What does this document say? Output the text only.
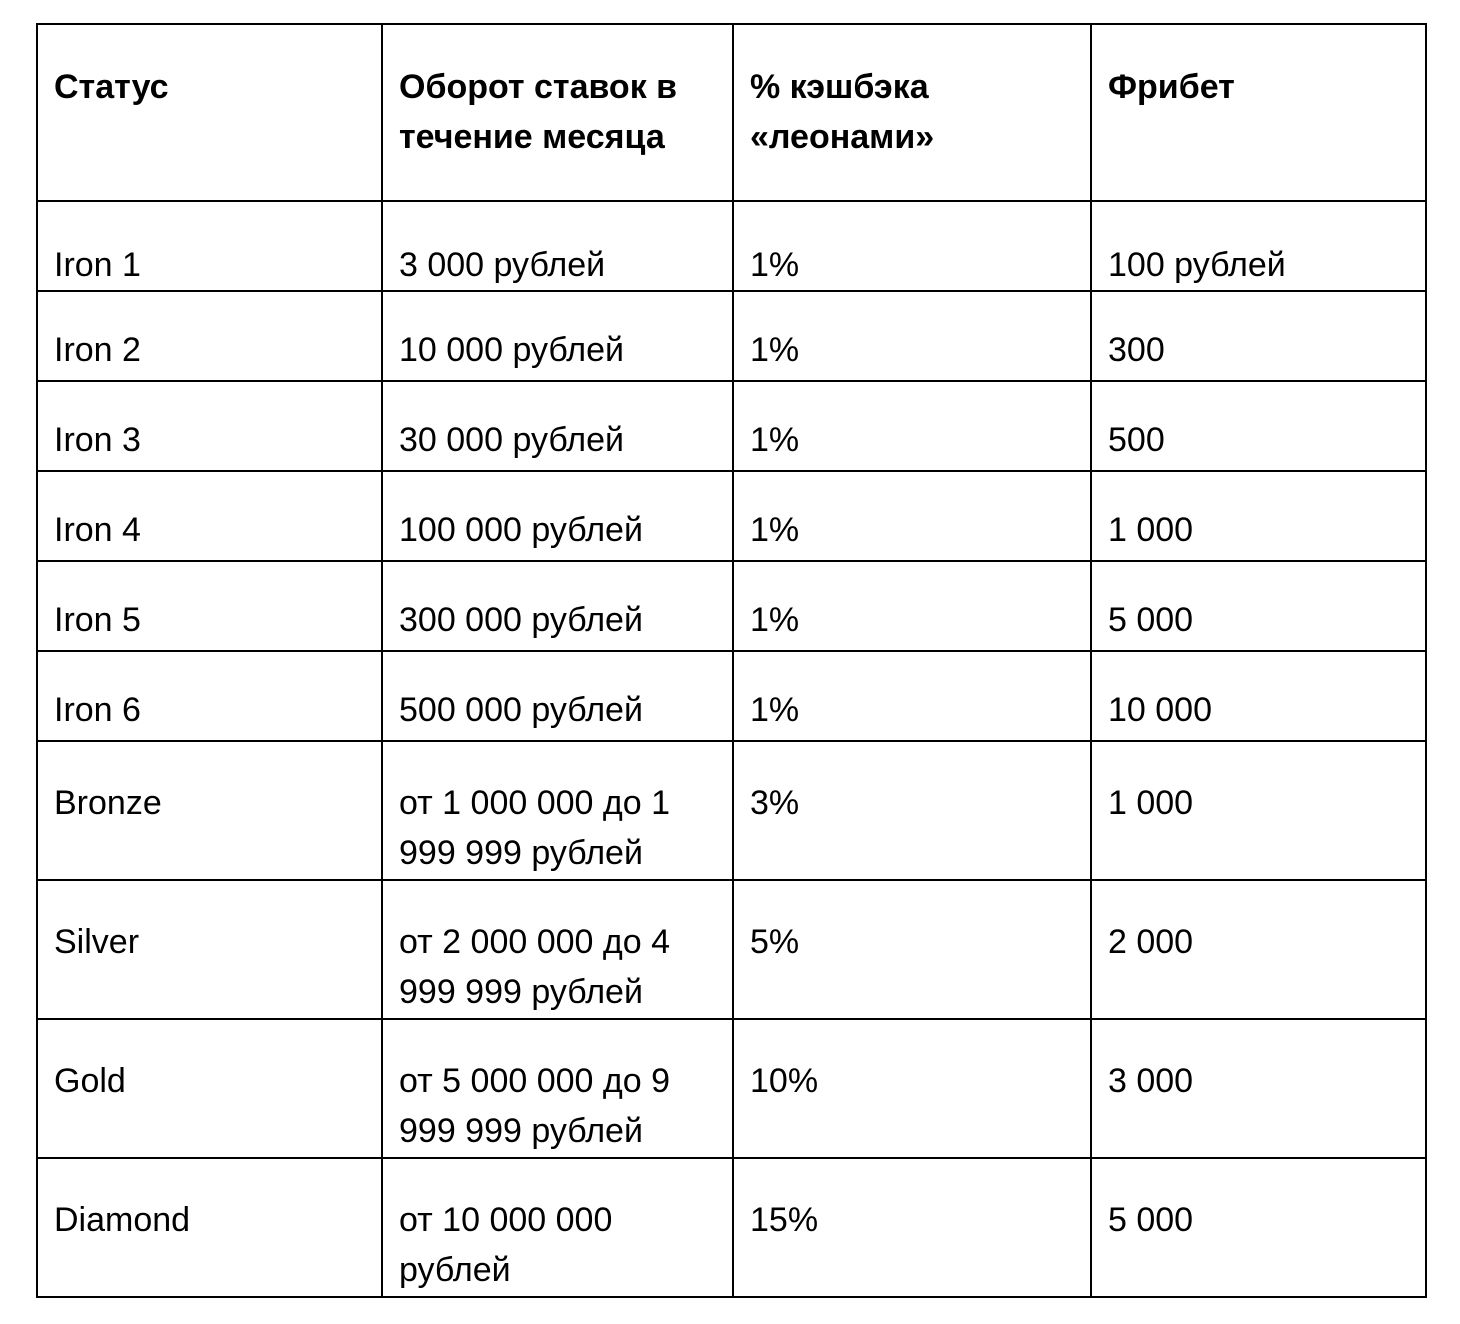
Статус	Оборот ставок в течение месяца	% кэшбэка «леонами»	Фрибет
Iron 1	3 000 рублей	1%	100 рублей
Iron 2	10 000 рублей	1%	300
Iron 3	30 000 рублей	1%	500
Iron 4	100 000 рублей	1%	1 000
Iron 5	300 000 рублей	1%	5 000
Iron 6	500 000 рублей	1%	10 000
Bronze	от 1 000 000 до 1 999 999 рублей	3%	1 000
Silver	от 2 000 000 до 4 999 999 рублей	5%	2 000
Gold	от 5 000 000 до 9 999 999 рублей	10%	3 000
Diamond	от 10 000 000 рублей	15%	5 000
